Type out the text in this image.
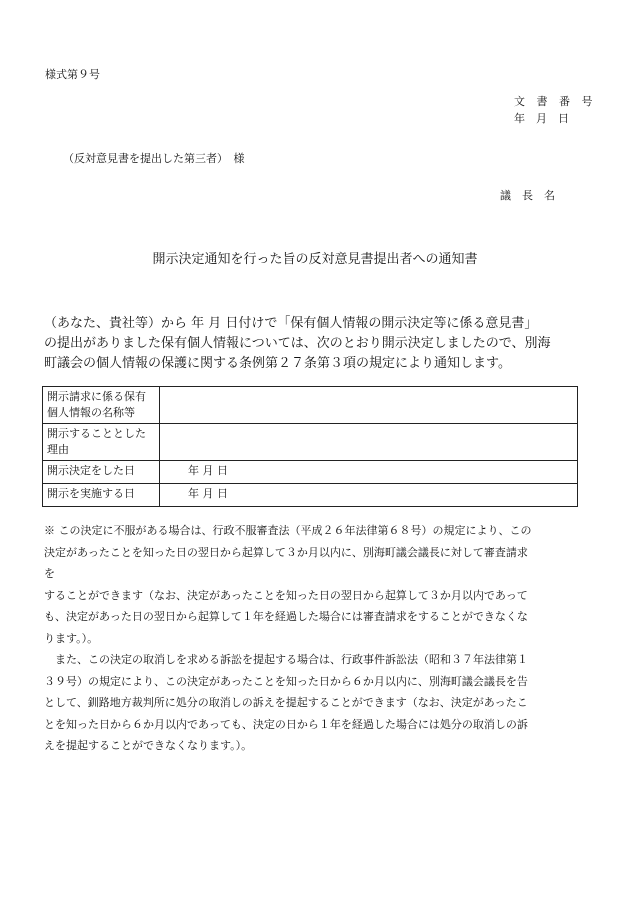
様式第９号
文 書 番 号
年　月　日
（反対意見書を提出した第三者）　様
議　長　名
開示決定通知を行った旨の反対意見書提出者への通知書

（あなた、貴社等）から 年 月 日付けで「保有個人情報の開示決定等に係る意見書」

の提出がありました保有個人情報については、次のとおり開示決定しましたので、別海

町議会の個人情報の保護に関する条例第２７条第３項の規定により通知します。

開示請求に係る保有
個人情報の名称等	

開示することとした
理由	

開示決定をした日	年 月 日

開示を実施する日	年 月 日

※ この決定に不服がある場合は、行政不服審査法（平成２６年法律第６８号）の規定により、この

決定があったことを知った日の翌日から起算して３か月以内に、別海町議会議長に対して審査請求

を

することができます（なお、決定があったことを知った日の翌日から起算して３か月以内であって

も、決定があった日の翌日から起算して１年を経過した場合には審査請求をすることができなくな

ります。）。

また、この決定の取消しを求める訴訟を提起する場合は、行政事件訴訟法（昭和３７年法律第１

３９号）の規定により、この決定があったことを知った日から６か月以内に、別海町議会議長を告

として、釧路地方裁判所に処分の取消しの訴えを提起することができます（なお、決定があったこ

とを知った日から６か月以内であっても、決定の日から１年を経過した場合には処分の取消しの訴

えを提起することができなくなります。）。
